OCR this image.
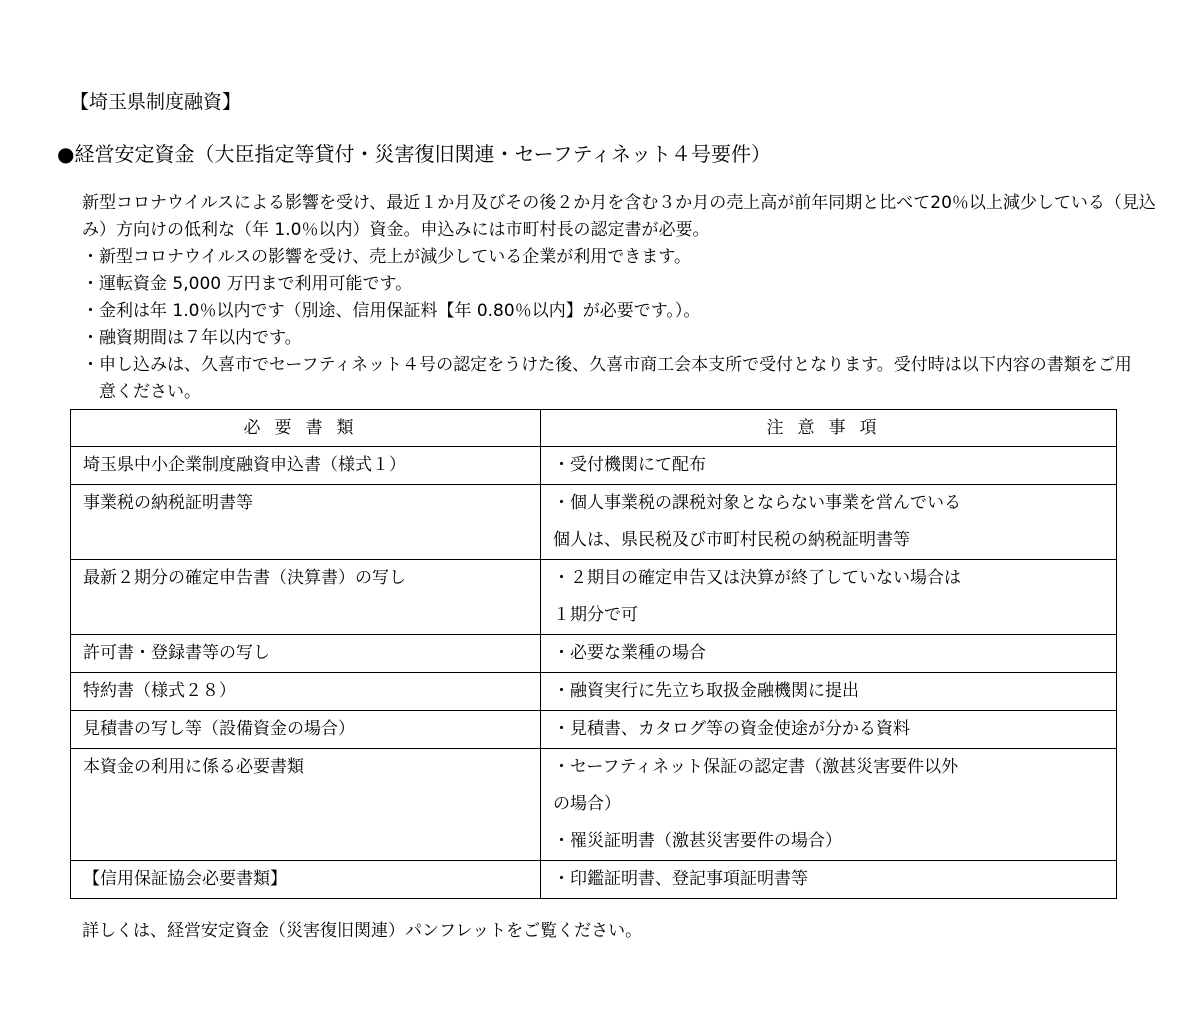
【埼玉県制度融資】
●経営安定資金（大臣指定等貸付・災害復旧関連・セーフティネット４号要件）
新型コロナウイルスによる影響を受け、最近１か月及びその後２か月を含む３か月の売上高が前年同期と比べて20％以上減少している（見込み）方向けの低利な（年 1.0％以内）資金。申込みには市町村長の認定書が必要。
・新型コロナウイルスの影響を受け、売上が減少している企業が利用できます。
・運転資金 5,000 万円まで利用可能です。
・金利は年 1.0％以内です（別途、信用保証料【年 0.80％以内】が必要です。）。
・融資期間は７年以内です。
・申し込みは、久喜市でセーフティネット４号の認定をうけた後、久喜市商工会本支所で受付となります。受付時は以下内容の書類をご用意ください。
必要書類	注意事項
埼玉県中小企業制度融資申込書（様式１）	・受付機関にて配布

事業税の納税証明書等	・個人事業税の課税対象とならない事業を営んでいる
個人は、県民税及び市町村民税の納税証明書等

最新２期分の確定申告書（決算書）の写し	・２期目の確定申告又は決算が終了していない場合は
１期分で可

許可書・登録書等の写し	・必要な業種の場合

特約書（様式２８）	・融資実行に先立ち取扱金融機関に提出

見積書の写し等（設備資金の場合）	・見積書、カタログ等の資金使途が分かる資料

本資金の利用に係る必要書類	・セーフティネット保証の認定書（激甚災害要件以外
の場合）
・罹災証明書（激甚災害要件の場合）

【信用保証協会必要書類】	・印鑑証明書、登記事項証明書等
詳しくは、経営安定資金（災害復旧関連）パンフレットをご覧ください。
